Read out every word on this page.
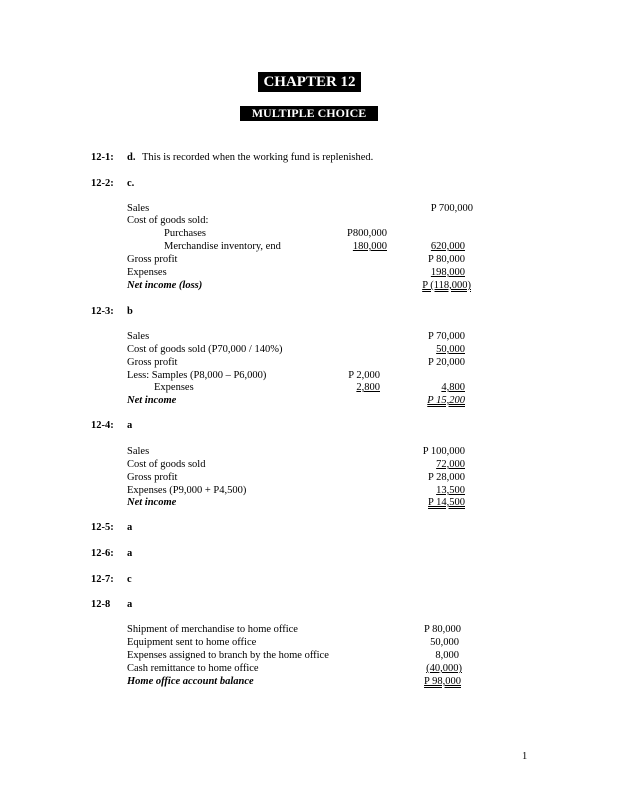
CHAPTER 12
MULTIPLE CHOICE
12-1: d. This is recorded when the working fund is replenished.
12-2: c.
Sales	P 700,000
Cost of goods sold:
Purchases	P800,000
Merchandise inventory, end	180,000	620,000
Gross profit	P 80,000
Expenses	198,000
Net income (loss)	P (118,000)
12-3: b
Sales	P 70,000
Cost of goods sold (P70,000 / 140%)	50,000
Gross profit	P 20,000
Less: Samples (P8,000 – P6,000)	P 2,000
Expenses	2,800	4,800
Net income	P 15,200
12-4: a
Sales	P 100,000
Cost of goods sold	72,000
Gross profit	P 28,000
Expenses (P9,000 + P4,500)	13,500
Net income	P 14,500
12-5: a
12-6: a
12-7: c
12-8 a
Shipment of merchandise to home office	P 80,000
Equipment sent to home office	50,000
Expenses assigned to branch by the home office	8,000
Cash remittance to home office	(40,000)
Home office account balance	P 98,000
1
